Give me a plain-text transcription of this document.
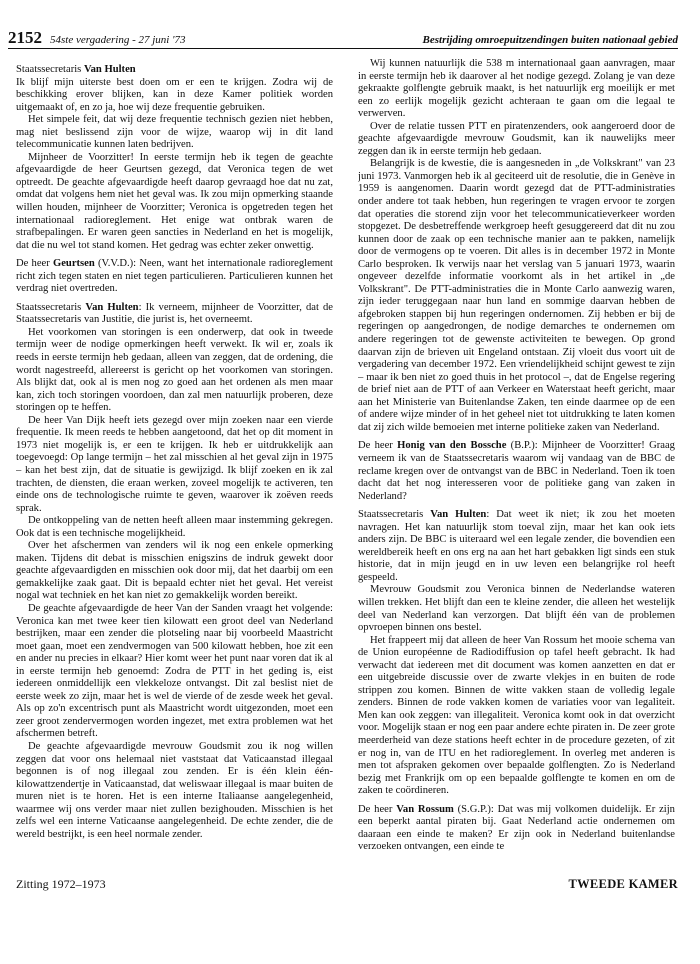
2152 54ste vergadering - 27 juni '73	Bestrijding omroepuitzendingen buiten nationaal gebied

Staatssecretaris Van Hulten

Ik blijf mijn uiterste best doen om er een te krijgen. Zodra wij de beschikking erover blijken, kan in deze Kamer politiek worden uitgemaakt of, en zo ja, hoe wij deze frequentie gebruiken.

Het simpele feit, dat wij deze frequentie technisch gezien niet hebben, mag niet beslissend zijn voor de wijze, waarop wij in dit land telecommunicatie kunnen laten bedrijven.

Mijnheer de Voorzitter! In eerste termijn heb ik tegen de geachte afgevaardigde de heer Geurtsen gezegd, dat Veronica tegen de wet optreedt. De geachte afgevaardigde heeft daarop gevraagd hoe dat nu zat, omdat dat volgens hem niet het geval was. Ik zou mijn opmerking staande willen houden, mijnheer de Voorzitter; Veronica is opgetreden tegen het internationaal radioreglement. Het enige wat ontbrak waren de strafbepalingen. Er waren geen sancties in Nederland en het is mogelijk, dat die nu wel tot stand komen. Het gedrag was echter zeker onwettig.

De heer Geurtsen (V.V.D.): Neen, want het internationale radioreglement richt zich tegen staten en niet tegen particulieren. Particulieren kunnen het verdrag niet overtreden.

Staatssecretaris Van Hulten: Ik verneem, mijnheer de Voorzitter, dat de Staatssecretaris van Justitie, die jurist is, het overneemt.

Het voorkomen van storingen is een onderwerp, dat ook in tweede termijn weer de nodige opmerkingen heeft verwekt. Ik wil er, zoals ik reeds in eerste termijn heb gedaan, alleen van zeggen, dat de ordening, die wordt nagestreefd, allereerst is gericht op het voorkomen van storingen. Als blijkt dat, ook al is men nog zo goed aan het ordenen als men maar kan, zich toch storingen voordoen, dan zal men natuurlijk proberen, deze storingen op te heffen.

De heer Van Dijk heeft iets gezegd over mijn zoeken naar een vierde frequentie. Ik meen reeds te hebben aangetoond, dat het op dit moment in 1973 niet mogelijk is, er een te krijgen. Ik heb er uitdrukkelijk aan toegevoegd: Op lange termijn – het zal misschien al het geval zijn in 1975 – kan het best zijn, dat de situatie is gewijzigd. Ik blijf zoeken en ik zal trachten, de diensten, die eraan werken, zoveel mogelijk te activeren, ten einde ons de technologische ruimte te geven, waarover ik zoëven reeds sprak.

De ontkoppeling van de netten heeft alleen maar instemming gekregen. Ook dat is een technische mogelijkheid.

Over het afschermen van zenders wil ik nog een enkele opmerking maken. Tijdens dit debat is misschien enigszins de indruk gewekt door geachte afgevaardigden en misschien ook door mij, dat het daarbij om een gemakkelijke zaak gaat. Dit is bepaald echter niet het geval. Het vereist nogal wat techniek en het kan niet zo gemakkelijk worden bereikt.

De geachte afgevaardigde de heer Van der Sanden vraagt het volgende: Veronica kan met twee keer tien kilowatt een groot deel van Nederland bestrijken, maar een zender die plotseling naar bij voorbeeld Maastricht moet gaan, moet een zendvermogen van 500 kilowatt hebben, hoe zit een en ander nu precies in elkaar? Hier komt weer het punt naar voren dat ik al in eerste termijn heb genoemd: Zodra de PTT in het geding is, eist iedereen onmiddellijk een vlekkeloze ontvangst. Dit zal beslist niet de eerste week zo zijn, maar het is wel de vierde of de zesde week het geval. Als op zo'n excentrisch punt als Maastricht wordt uitgezonden, moet een zeer groot zendervermogen worden ingezet, met extra problemen wat het afschermen betreft.

De geachte afgevaardigde mevrouw Goudsmit zou ik nog willen zeggen dat voor ons helemaal niet vaststaat dat Vaticaanstad illegaal begonnen is of nog illegaal zou zenden. Er is één klein één-kilowattzendertje in Vaticaanstad, dat weliswaar illegaal is maar buiten de muren niet is te horen. Het is een interne Italiaanse aangelegenheid, waarmee wij ons verder maar niet zullen bezighouden. Misschien is het zelfs wel een interne Vaticaanse aangelegenheid. De echte zender, die de wereld bestrijkt, is een heel normale zender.

Wij kunnen natuurlijk die 538 m internationaal gaan aanvragen, maar in eerste termijn heb ik daarover al het nodige gezegd. Zolang je van deze gekraakte golflengte gebruik maakt, is het natuurlijk erg moeilijk er met een zo eerlijk mogelijk gezicht achteraan te gaan om die legaal te verwerven.

Over de relatie tussen PTT en piratenzenders, ook aangeroerd door de geachte afgevaardigde mevrouw Goudsmit, kan ik nauwelijks meer zeggen dan ik in eerste termijn heb gedaan.

Belangrijk is de kwestie, die is aangesneden in „de Volkskrant" van 23 juni 1973. Vanmorgen heb ik al geciteerd uit de resolutie, die in Genève in 1959 is aangenomen. Daarin wordt gezegd dat de PTT-administraties onder andere tot taak hebben, hun regeringen te vragen ervoor te zorgen dat operaties die storend zijn voor het telecommunicatieverkeer worden stopgezet. De desbetreffende werkgroep heeft gesuggereerd dat dit nu zou kunnen door de zaak op een technische manier aan te pakken, namelijk door de vermogens op te voeren. Dit alles is in december 1972 in Monte Carlo besproken. Ik verwijs naar het verslag van 5 januari 1973, waarin ongeveer dezelfde informatie voorkomt als in het artikel in „de Volkskrant". De PTT-administraties die in Monte Carlo aanwezig waren, zijn ieder teruggegaan naar hun land en sommige daarvan hebben de afgebroken stappen bij hun regeringen ondernomen. Zij hebben er bij de regeringen op aangedrongen, de nodige demarches te ondernemen om andere regeringen tot de gewenste activiteiten te bewegen. Op grond daarvan zijn de brieven uit Engeland ontstaan. Zij vloeit dus voort uit de vergadering van december 1972. Een vriendelijkheid schijnt gewest te zijn – maar ik ben niet zo goed thuis in het protocol –, dat de Engelse regering de brief niet aan de PTT of aan Verkeer en Waterstaat heeft gericht, maar aan het Ministerie van Buitenlandse Zaken, ten einde daarmee op de een of andere wijze minder of in het geheel niet tot uitdrukking te laten komen dat zij zich wilde bemoeien met interne politieke zaken van Nederland.

De heer Honig van den Bossche (B.P.): Mijnheer de Voorzitter! Graag verneem ik van de Staatssecretaris waarom wij vandaag van de BBC de reclame kregen over de ontvangst van de BBC in Nederland. Toen ik toen dacht dat het nog interesseren voor de politieke gang van zaken in Nederland?

Staatssecretaris Van Hulten: Dat weet ik niet; ik zou het moeten navragen. Het kan natuurlijk stom toeval zijn, maar het kan ook iets anders zijn. De BBC is uiteraard wel een legale zender, die bovendien een wereldbereik heeft en ons erg na aan het hart gebakken ligt sinds een stuk historie, dat in mijn jeugd en in uw leven een belangrijke rol heeft gespeeld.

Mevrouw Goudsmit zou Veronica binnen de Nederlandse wateren willen trekken. Het blijft dan een te kleine zender, die alleen het westelijk deel van Nederland kan verzorgen. Dat blijft één van de problemen opvroepen binnen ons bestel.

Het frappeert mij dat alleen de heer Van Rossum het mooie schema van de Union européenne de Radiodiffusion op tafel heeft gebracht. Ik had verwacht dat iedereen met dit document was komen aanzetten en dat er een uitgebreide discussie over de zwarte vlekjes in en buiten de rode strippen zou komen. Binnen de witte vakken staan de volledig legale zenders. Binnen de rode vakken komen de variaties voor van legaliteit. Men kan ook zeggen: van illegaliteit. Veronica komt ook in dat overzicht voor. Mogelijk staan er nog een paar andere echte piraten in. De zeer grote meerderheid van deze stations heeft echter in de procedure gezeten, of zit er nog in, van de ITU en het radioreglement. In overleg met anderen is men tot afspraken gekomen over bepaalde golflengten. Zo is Nederland bezig met Frankrijk om op een bepaalde golflengte te komen en om de zaken te coördineren.

De heer Van Rossum (S.G.P.): Dat was mij volkomen duidelijk. Er zijn een beperkt aantal piraten bij. Gaat Nederland actie ondernemen om daaraan een einde te maken? Er zijn ook in Nederland buitenlandse verzoeken ontvangen, een einde te

Zitting 1972–1973	TWEEDE KAMER
